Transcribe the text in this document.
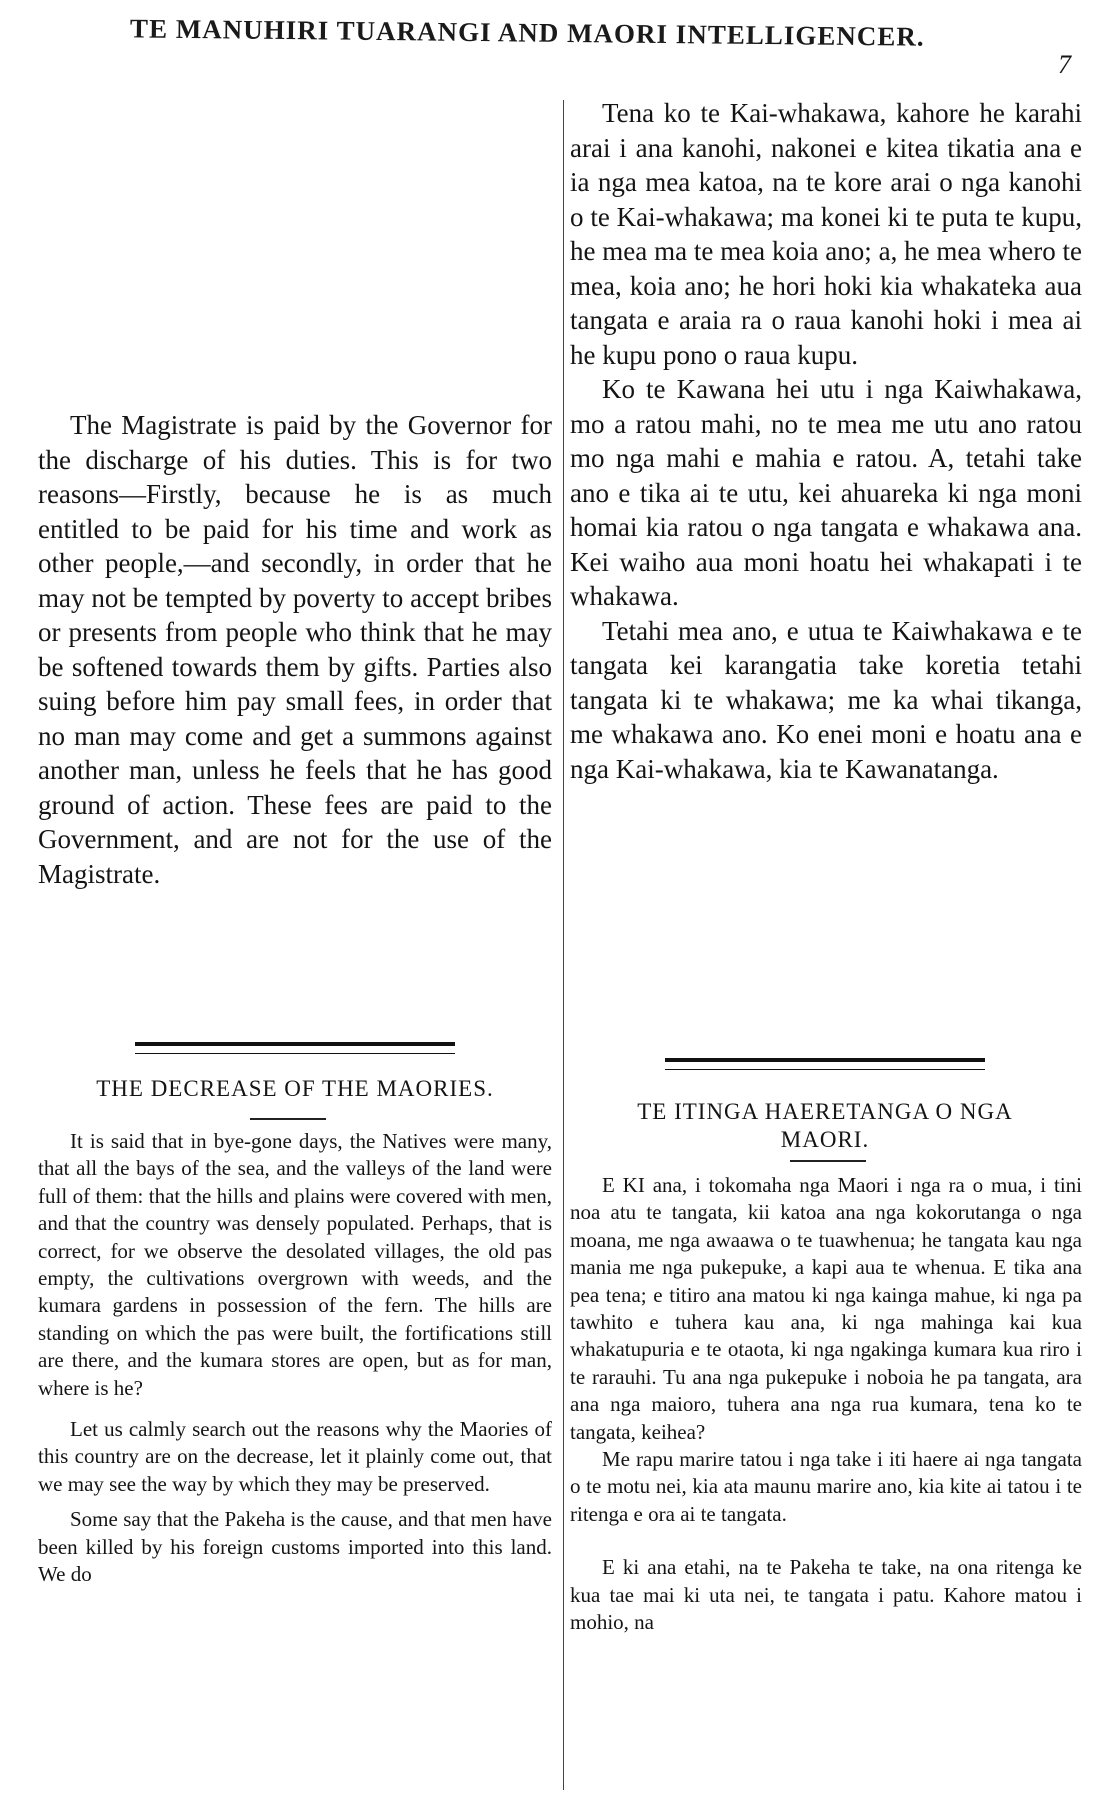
TE MANUHIRI TUARANGI AND MAORI INTELLIGENCER.
7

The Magistrate is paid by the Governor for the discharge of his duties. This is for two reasons—Firstly, because he is as much entitled to be paid for his time and work as other people,—and secondly, in order that he may not be tempted by poverty to accept bribes or presents from people who think that he may be softened towards them by gifts. Parties also suing before him pay small fees, in order that no man may come and get a summons against another man, unless he feels that he has good ground of action. These fees are paid to the Government, and are not for the use of the Magistrate.

THE DECREASE OF THE MAORIES.

It is said that in bye-gone days, the Natives were many, that all the bays of the sea, and the valleys of the land were full of them: that the hills and plains were covered with men, and that the country was densely populated. Perhaps, that is correct, for we observe the desolated villages, the old pas empty, the cultivations overgrown with weeds, and the kumara gardens in possession of the fern. The hills are standing on which the pas were built, the fortifications still are there, and the kumara stores are open, but as for man, where is he?

Let us calmly search out the reasons why the Maories of this country are on the decrease, let it plainly come out, that we may see the way by which they may be preserved.

Some say that the Pakeha is the cause, and that men have been killed by his foreign customs imported into this land. We do

Tena ko te Kai-whakawa, kahore he karahi arai i ana kanohi, nakonei e kitea tikatia ana e ia nga mea katoa, na te kore arai o nga kanohi o te Kai-whakawa; ma konei ki te puta te kupu, he mea ma te mea koia ano; a, he mea whero te mea, koia ano; he hori hoki kia whakateka aua tangata e araia ra o raua kanohi hoki i mea ai he kupu pono o raua kupu.

Ko te Kawana hei utu i nga Kaiwhakawa, mo a ratou mahi, no te mea me utu ano ratou mo nga mahi e mahia e ratou. A, tetahi take ano e tika ai te utu, kei ahuareka ki nga moni homai kia ratou o nga tangata e whakawa ana. Kei waiho aua moni hoatu hei whakapati i te whakawa.

Tetahi mea ano, e utua te Kaiwhakawa e te tangata kei karangatia take koretia tetahi tangata ki te whakawa; me ka whai tikanga, me whakawa ano. Ko enei moni e hoatu ana e nga Kai-whakawa, kia te Kawanatanga.

TE ITINGA HAERETANGA O NGA MAORI.

E KI ana, i tokomaha nga Maori i nga ra o mua, i tini noa atu te tangata, kii katoa ana nga kokorutanga o nga moana, me nga awaawa o te tuawhenua; he tangata kau nga mania me nga pukepuke, a kapi aua te whenua. E tika ana pea tena; e titiro ana matou ki nga kainga mahue, ki nga pa tawhito e tuhera kau ana, ki nga mahinga kai kua whakatupuria e te otaota, ki nga ngakinga kumara kua riro i te rarauhi. Tu ana nga pukepuke i noboia he pa tangata, ara ana nga maioro, tuhera ana nga rua kumara, tena ko te tangata, keihea?

Me rapu marire tatou i nga take i iti haere ai nga tangata o te motu nei, kia ata maunu marire ano, kia kite ai tatou i te ritenga e ora ai te tangata.

E ki ana etahi, na te Pakeha te take, na ona ritenga ke kua tae mai ki uta nei, te tangata i patu. Kahore matou i mohio, na
